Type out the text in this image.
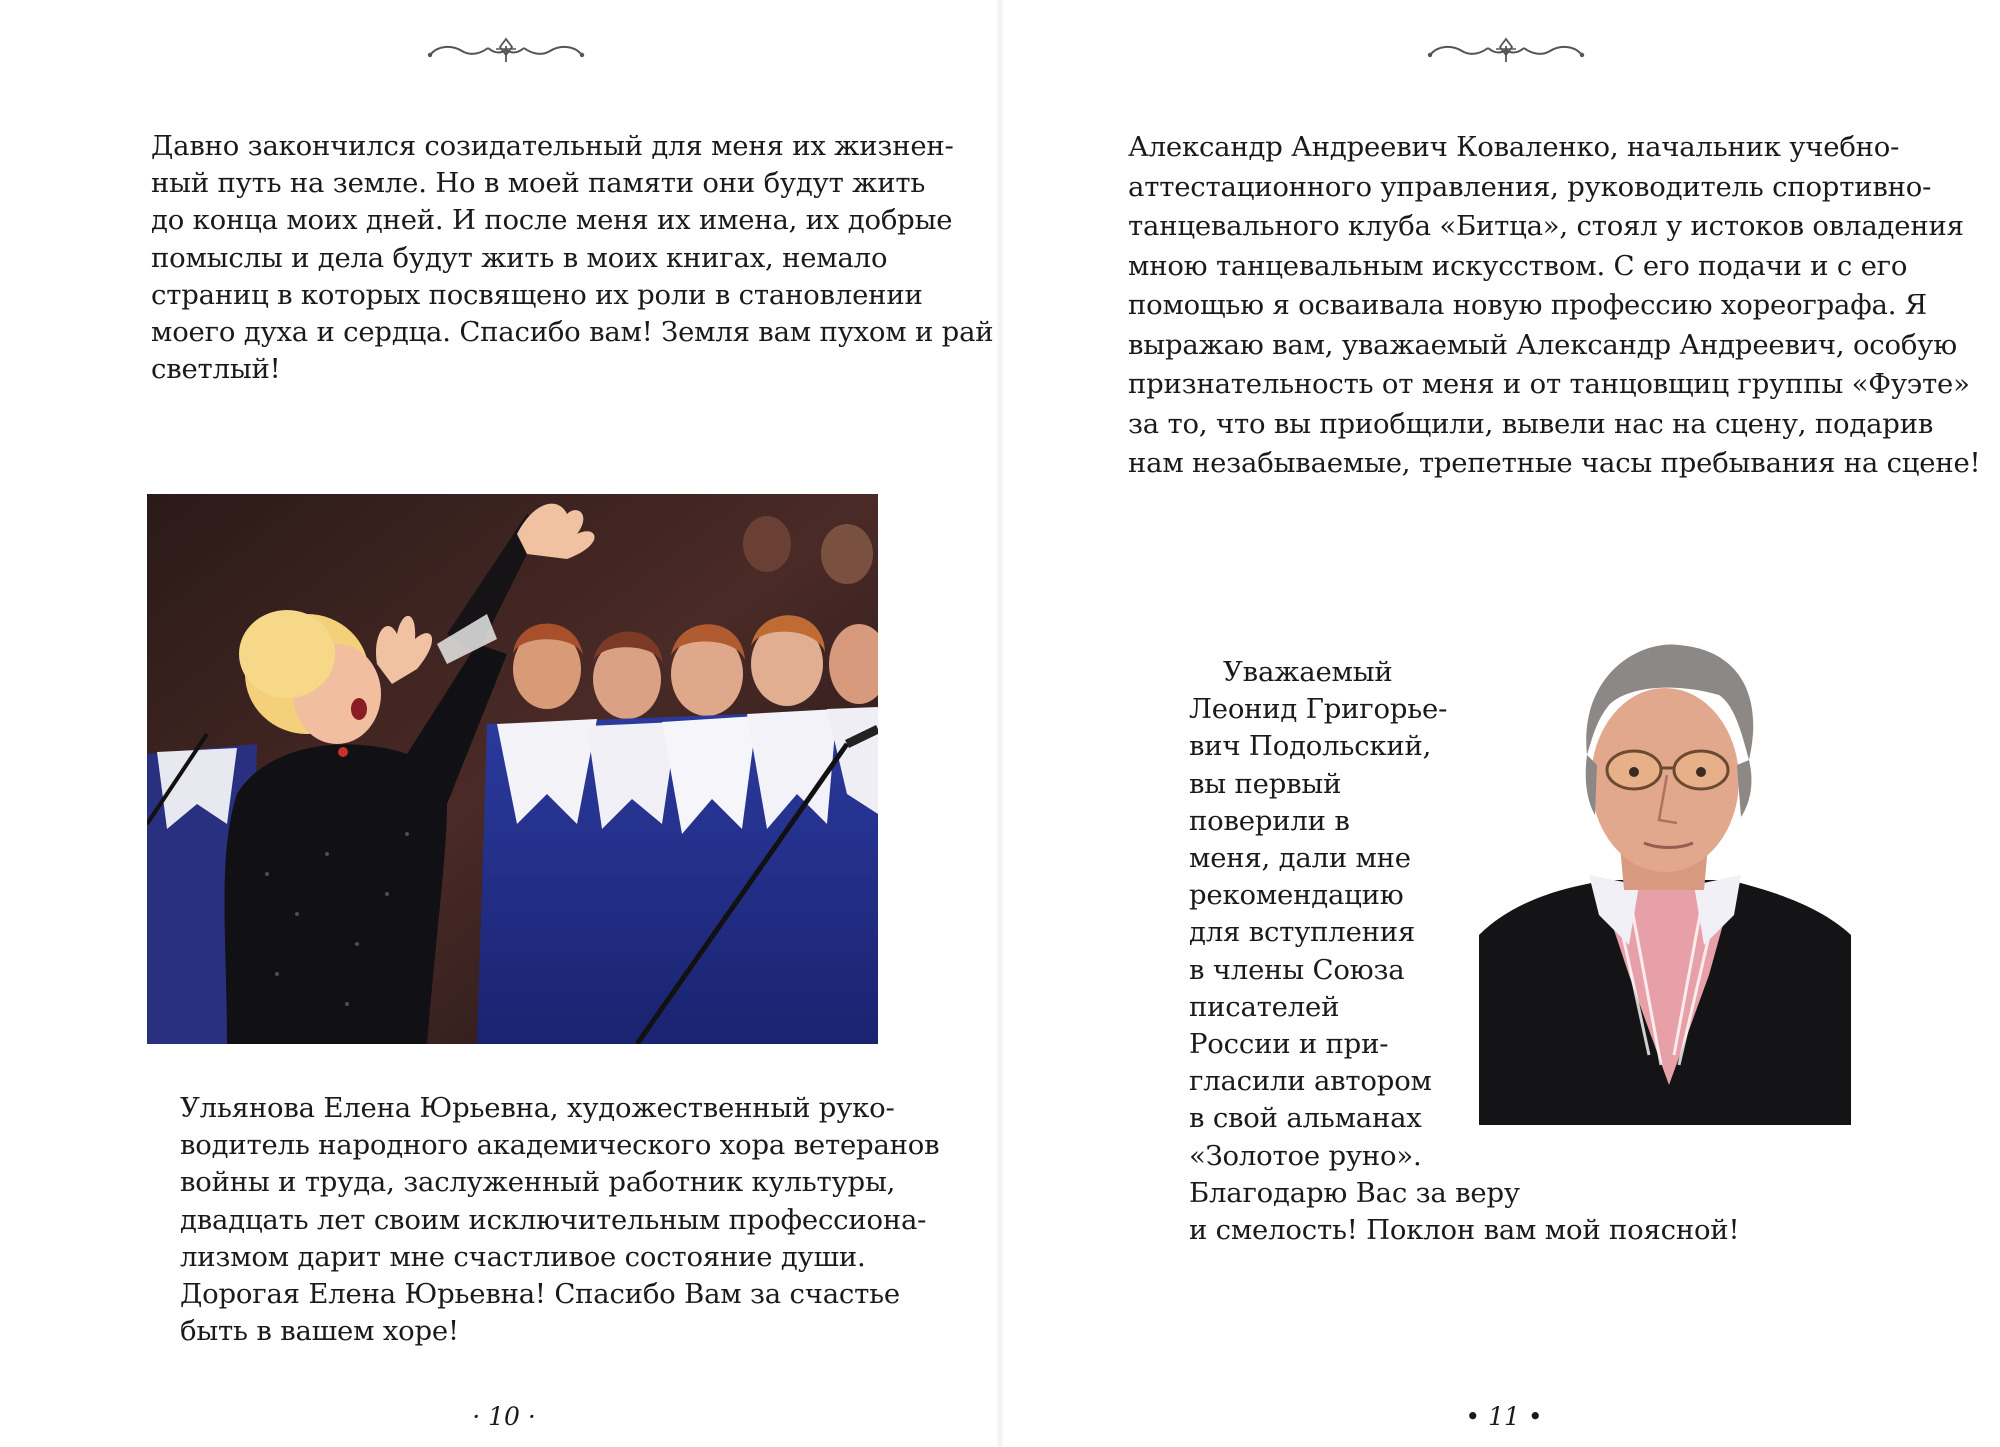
Давно закончился созидательный для меня их жизнен-
ный путь на земле. Но в моей памяти они будут жить
до конца моих дней. И после меня их имена, их добрые
помыслы и дела будут жить в моих книгах, немало
страниц в которых посвящено их роли в становлении
моего духа и сердца. Спасибо вам! Земля вам пухом и рай
светлый!
Ульянова Елена Юрьевна, художественный руко-
водитель народного академического хора ветеранов
войны и труда, заслуженный работник культуры,
двадцать лет своим исключительным профессиона-
лизмом дарит мне счастливое состояние души.
Дорогая Елена Юрьевна! Спасибо Вам за счастье
быть в вашем хоре!
· 10 ·
Александр Андреевич Коваленко, начальник учебно-
аттестационного управления, руководитель спортивно-
танцевального клуба «Битца», стоял у истоков овладения
мною танцевальным искусством. С его подачи и с его
помощью я осваивала новую профессию хореографа. Я
выражаю вам, уважаемый Александр Андреевич, особую
признательность от меня и от танцовщиц группы «Фуэте»
за то, что вы приобщили, вывели нас на сцену, подарив
нам незабываемые, трепетные часы пребывания на сцене!
Уважаемый
Леонид Григорье-
вич Подольский,
вы первый
поверили в
меня, дали мне
рекомендацию
для вступления
в члены Союза
писателей
России и при-
гласили автором
в свой альманах
«Золотое руно».
Благодарю Вас за веру
и смелость! Поклон вам мой поясной!
• 11 •
